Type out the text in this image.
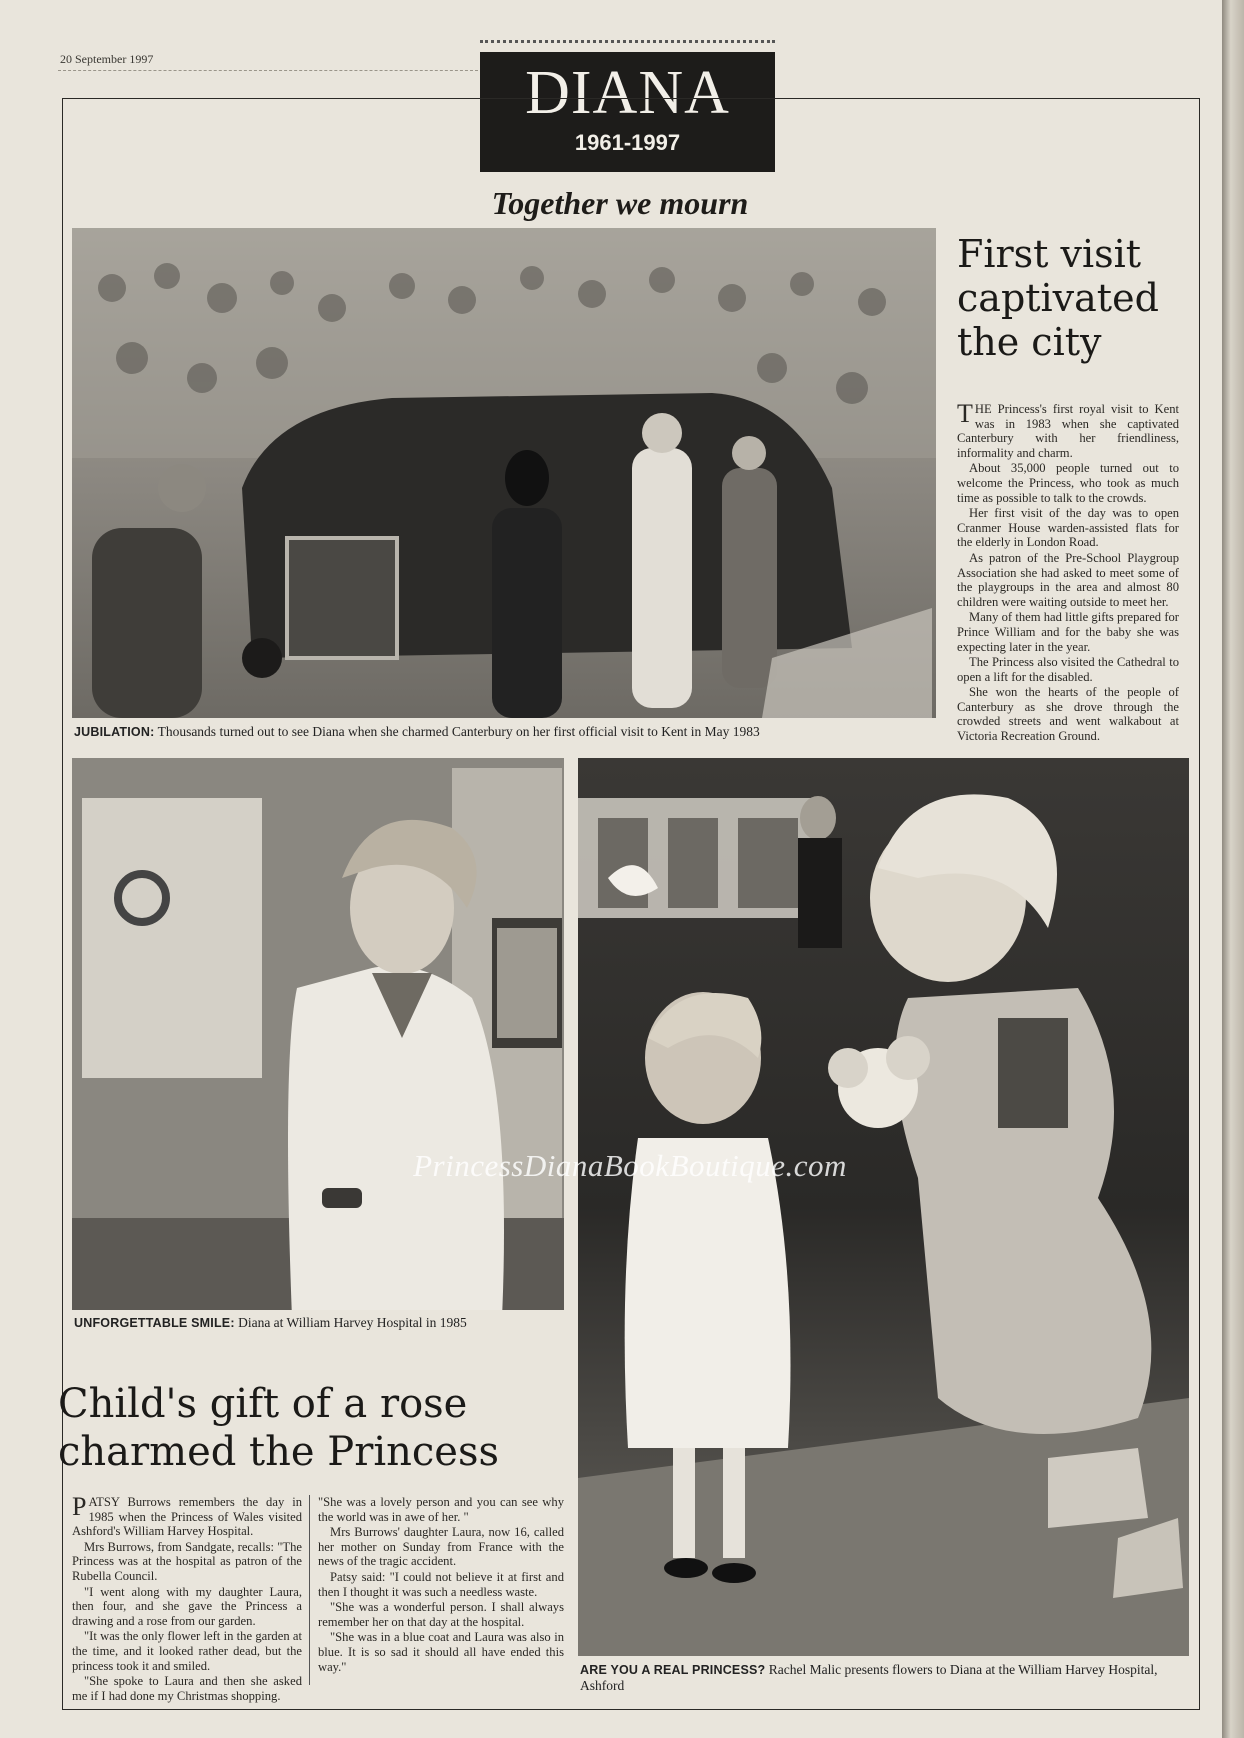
20 September 1997	DIANA
1961-1997
Together we mourn
First visit
captivated
the city

THE Princess's first royal visit to Kent was in 1983 when she captivated Canterbury with her friendliness, informality and charm.

About 35,000 people turned out to welcome the Princess, who took as much time as possible to talk to the crowds.

Her first visit of the day was to open Cranmer House warden-assisted flats for the elderly in London Road.

As patron of the Pre-School Playgroup Association she had asked to meet some of the playgroups in the area and almost 80 children were waiting outside to meet her.

Many of them had little gifts prepared for Prince William and for the baby she was expecting later in the year.

The Princess also visited the Cathedral to open a lift for the disabled.

She won the hearts of the people of Canterbury as she drove through the crowded streets and went walkabout at Victoria Recreation Ground.

JUBILATION: Thousands turned out to see Diana when she charmed Canterbury on her first official visit to Kent in May 1983
UNFORGETTABLE SMILE: Diana at William Harvey Hospital in 1985
ARE YOU A REAL PRINCESS? Rachel Malic presents flowers to Diana at the William Harvey Hospital, Ashford
Child's gift of a rose
charmed the Princess

PATSY Burrows remembers the day in 1985 when the Princess of Wales visited Ashford's William Harvey Hospital.

Mrs Burrows, from Sandgate, recalls: "The Princess was at the hospital as patron of the Rubella Council.

"I went along with my daughter Laura, then four, and she gave the Princess a drawing and a rose from our garden.

"It was the only flower left in the garden at the time, and it looked rather dead, but the princess took it and smiled.

"She spoke to Laura and then she asked me if I had done my Christmas shopping.

"She was a lovely person and you can see why the world was in awe of her. "

Mrs Burrows' daughter Laura, now 16, called her mother on Sunday from France with the news of the tragic accident.

Patsy said: "I could not believe it at first and then I thought it was such a needless waste.

"She was a wonderful person. I shall always remember her on that day at the hospital.

"She was in a blue coat and Laura was also in blue. It is so sad it should all have ended this way."

PrincessDianaBookBoutique.com
